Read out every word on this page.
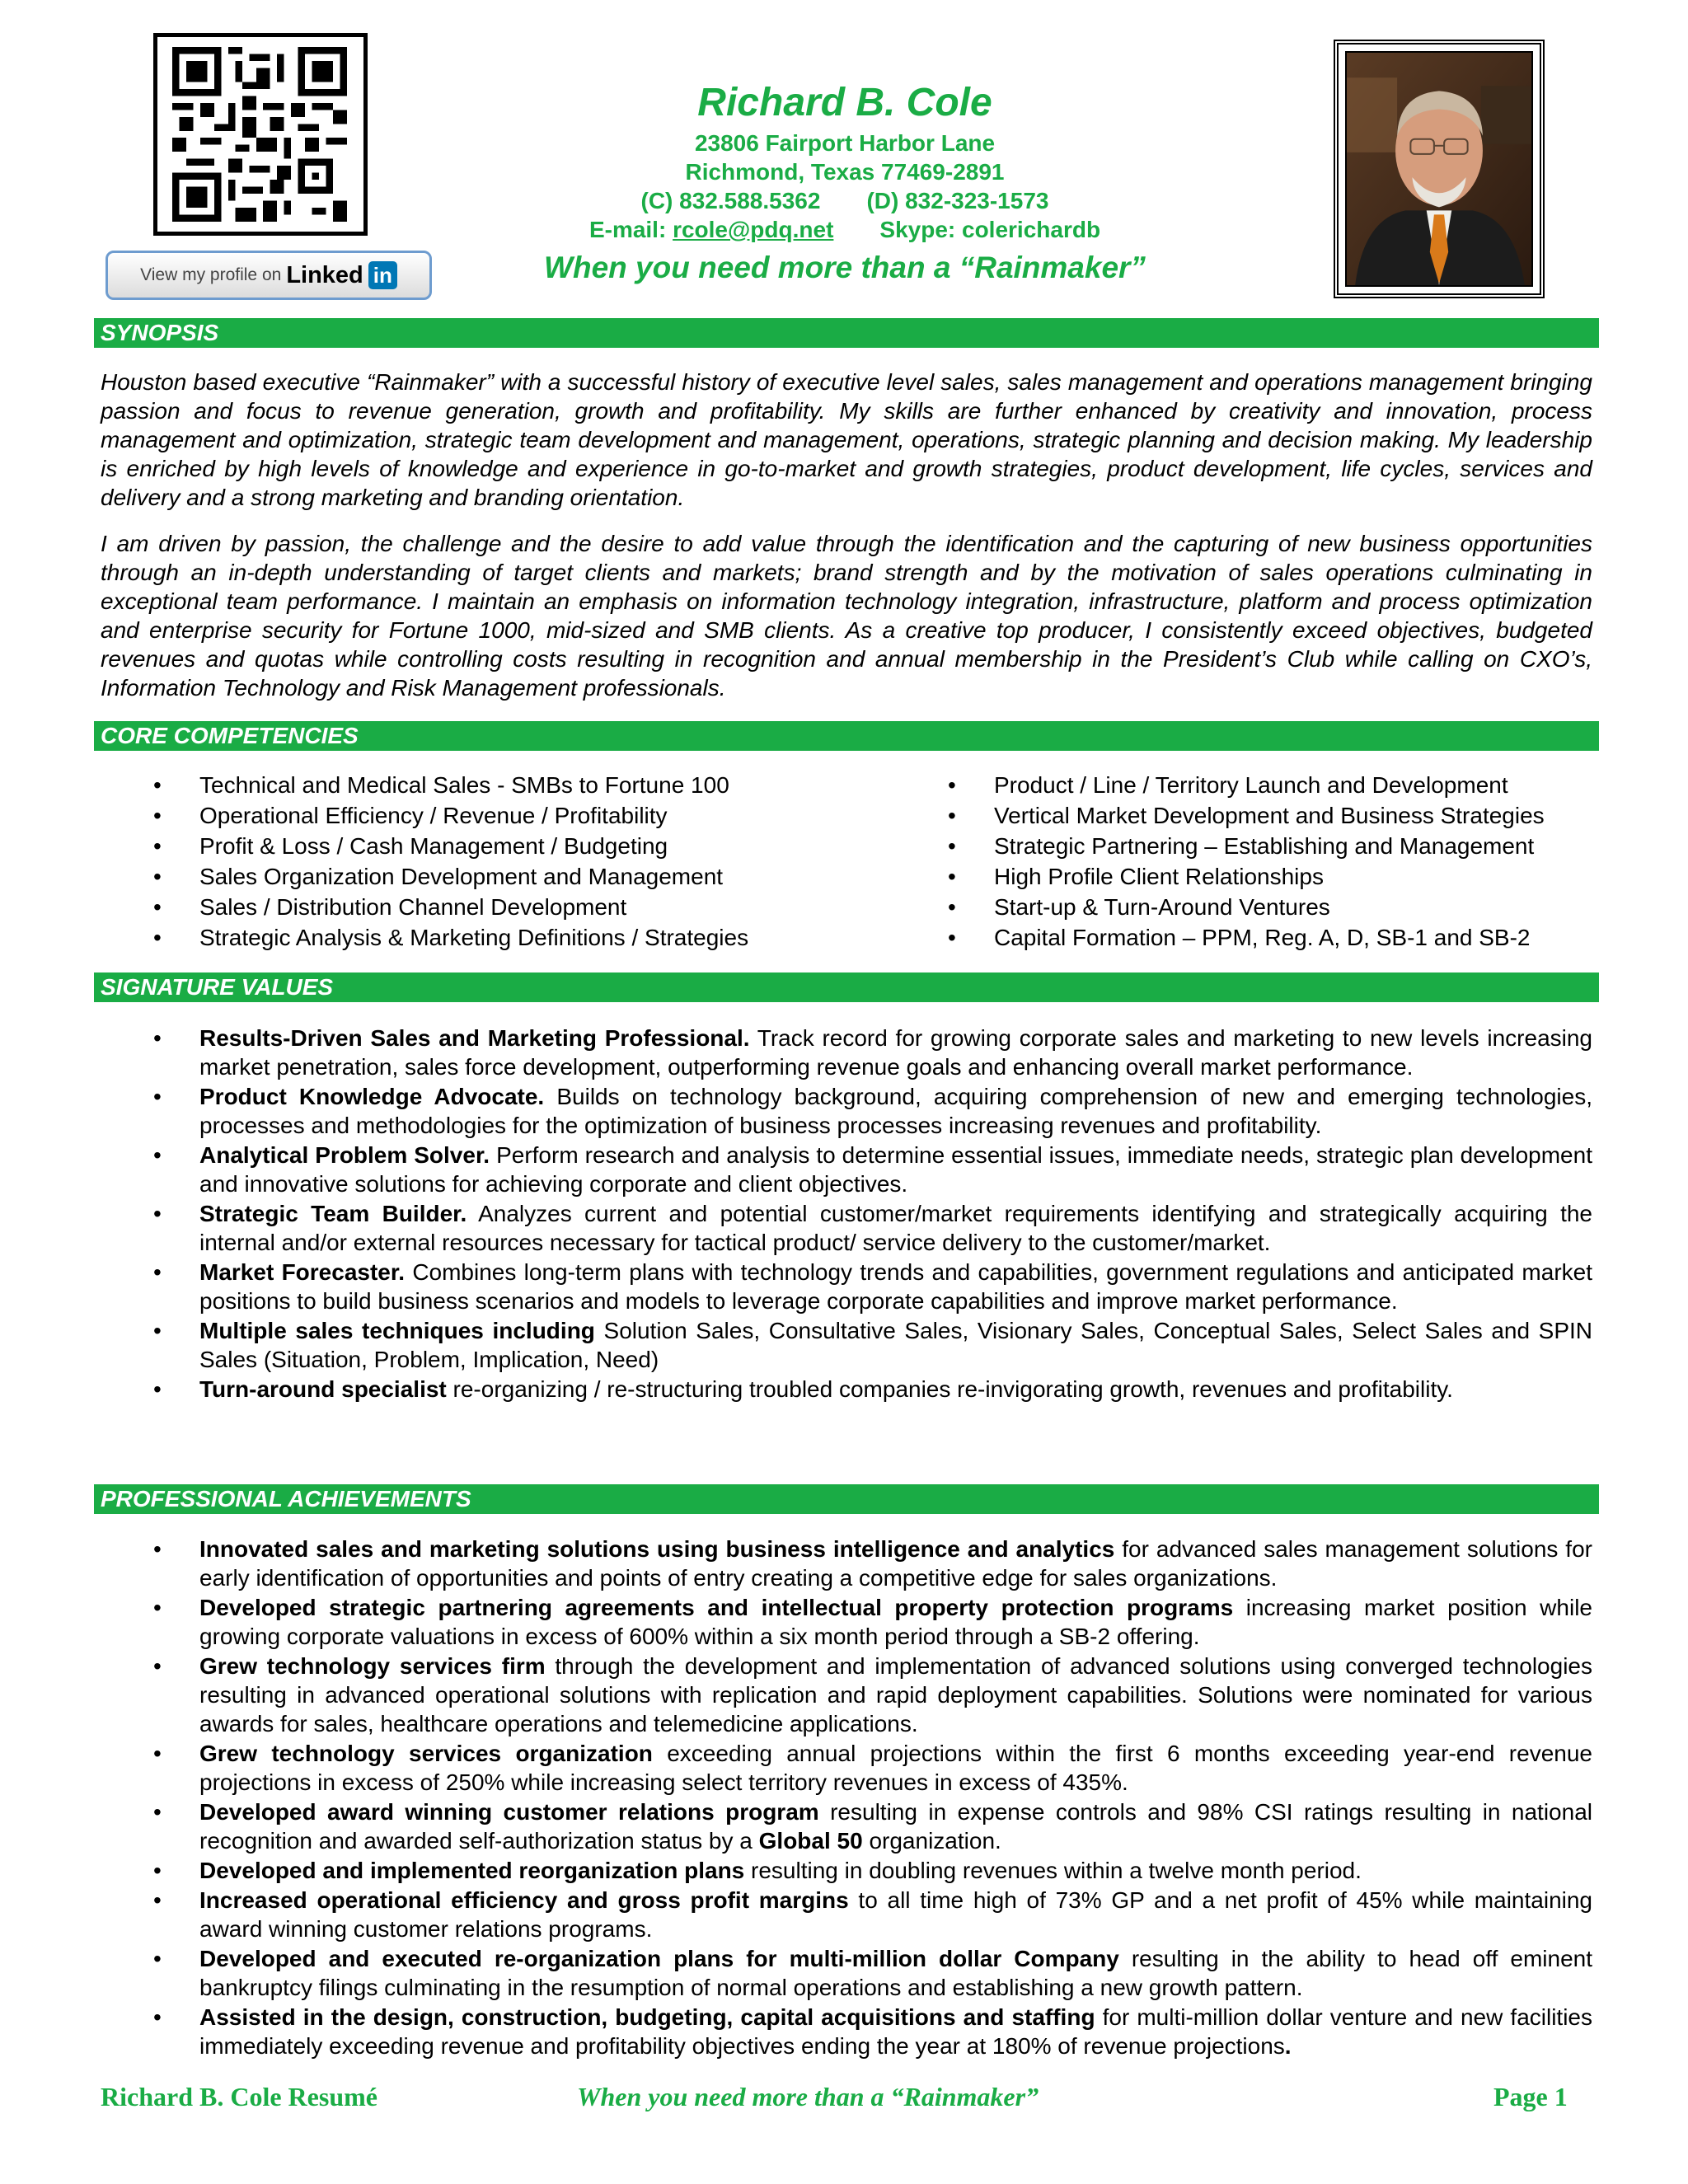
View my profile on Linked in
Richard B. Cole
23806 Fairport Harbor Lane
Richmond, Texas 77469-2891
(C) 832.588.5362 (D) 832-323-1573
E-mail: rcole@pdq.net Skype: colerichardb
When you need more than a “Rainmaker”
SYNOPSIS

Houston based executive “Rainmaker” with a successful history of executive level sales, sales management and operations management bringing passion and focus to revenue generation, growth and profitability. My skills are further enhanced by creativity and innovation, process management and optimization, strategic team development and management, operations, strategic planning and decision making. My leadership is enriched by high levels of knowledge and experience in go-to-market and growth strategies, product development, life cycles, services and delivery and a strong marketing and branding orientation.

I am driven by passion, the challenge and the desire to add value through the identification and the capturing of new business opportunities through an in-depth understanding of target clients and markets; brand strength and by the motivation of sales operations culminating in exceptional team performance. I maintain an emphasis on information technology integration, infrastructure, platform and process optimization and enterprise security for Fortune 1000, mid-sized and SMB clients. As a creative top producer, I consistently exceed objectives, budgeted revenues and quotas while controlling costs resulting in recognition and annual membership in the President’s Club while calling on CXO’s, Information Technology and Risk Management professionals.

CORE COMPETENCIES
• Technical and Medical Sales - SMBs to Fortune 100
• Operational Efficiency / Revenue / Profitability
• Profit & Loss / Cash Management / Budgeting
• Sales Organization Development and Management
• Sales / Distribution Channel Development
• Strategic Analysis & Marketing Definitions / Strategies
• Product / Line / Territory Launch and Development
• Vertical Market Development and Business Strategies
• Strategic Partnering – Establishing and Management
• High Profile Client Relationships
• Start-up & Turn-Around Ventures
• Capital Formation – PPM, Reg. A, D, SB-1 and SB-2
SIGNATURE VALUES
• Results-Driven Sales and Marketing Professional. Track record for growing corporate sales and marketing to new levels increasing market penetration, sales force development, outperforming revenue goals and enhancing overall market performance.
• Product Knowledge Advocate. Builds on technology background, acquiring comprehension of new and emerging technologies, processes and methodologies for the optimization of business processes increasing revenues and profitability.
• Analytical Problem Solver. Perform research and analysis to determine essential issues, immediate needs, strategic plan development and innovative solutions for achieving corporate and client objectives.
• Strategic Team Builder. Analyzes current and potential customer/market requirements identifying and strategically acquiring the internal and/or external resources necessary for tactical product/ service delivery to the customer/market.
• Market Forecaster. Combines long-term plans with technology trends and capabilities, government regulations and anticipated market positions to build business scenarios and models to leverage corporate capabilities and improve market performance.
• Multiple sales techniques including Solution Sales, Consultative Sales, Visionary Sales, Conceptual Sales, Select Sales and SPIN Sales (Situation, Problem, Implication, Need)
• Turn-around specialist re-organizing / re-structuring troubled companies re-invigorating growth, revenues and profitability.
PROFESSIONAL ACHIEVEMENTS
• Innovated sales and marketing solutions using business intelligence and analytics for advanced sales management solutions for early identification of opportunities and points of entry creating a competitive edge for sales organizations.
• Developed strategic partnering agreements and intellectual property protection programs increasing market position while growing corporate valuations in excess of 600% within a six month period through a SB-2 offering.
• Grew technology services firm through the development and implementation of advanced solutions using converged technologies resulting in advanced operational solutions with replication and rapid deployment capabilities. Solutions were nominated for various awards for sales, healthcare operations and telemedicine applications.
• Grew technology services organization exceeding annual projections within the first 6 months exceeding year-end revenue projections in excess of 250% while increasing select territory revenues in excess of 435%.
• Developed award winning customer relations program resulting in expense controls and 98% CSI ratings resulting in national recognition and awarded self-authorization status by a Global 50 organization.
• Developed and implemented reorganization plans resulting in doubling revenues within a twelve month period.
• Increased operational efficiency and gross profit margins to all time high of 73% GP and a net profit of 45% while maintaining award winning customer relations programs.
• Developed and executed re-organization plans for multi-million dollar Company resulting in the ability to head off eminent bankruptcy filings culminating in the resumption of normal operations and establishing a new growth pattern.
• Assisted in the design, construction, budgeting, capital acquisitions and staffing for multi-million dollar venture and new facilities immediately exceeding revenue and profitability objectives ending the year at 180% of revenue projections.
Richard B. Cole Resumé	When you need more than a “Rainmaker”	Page 1
